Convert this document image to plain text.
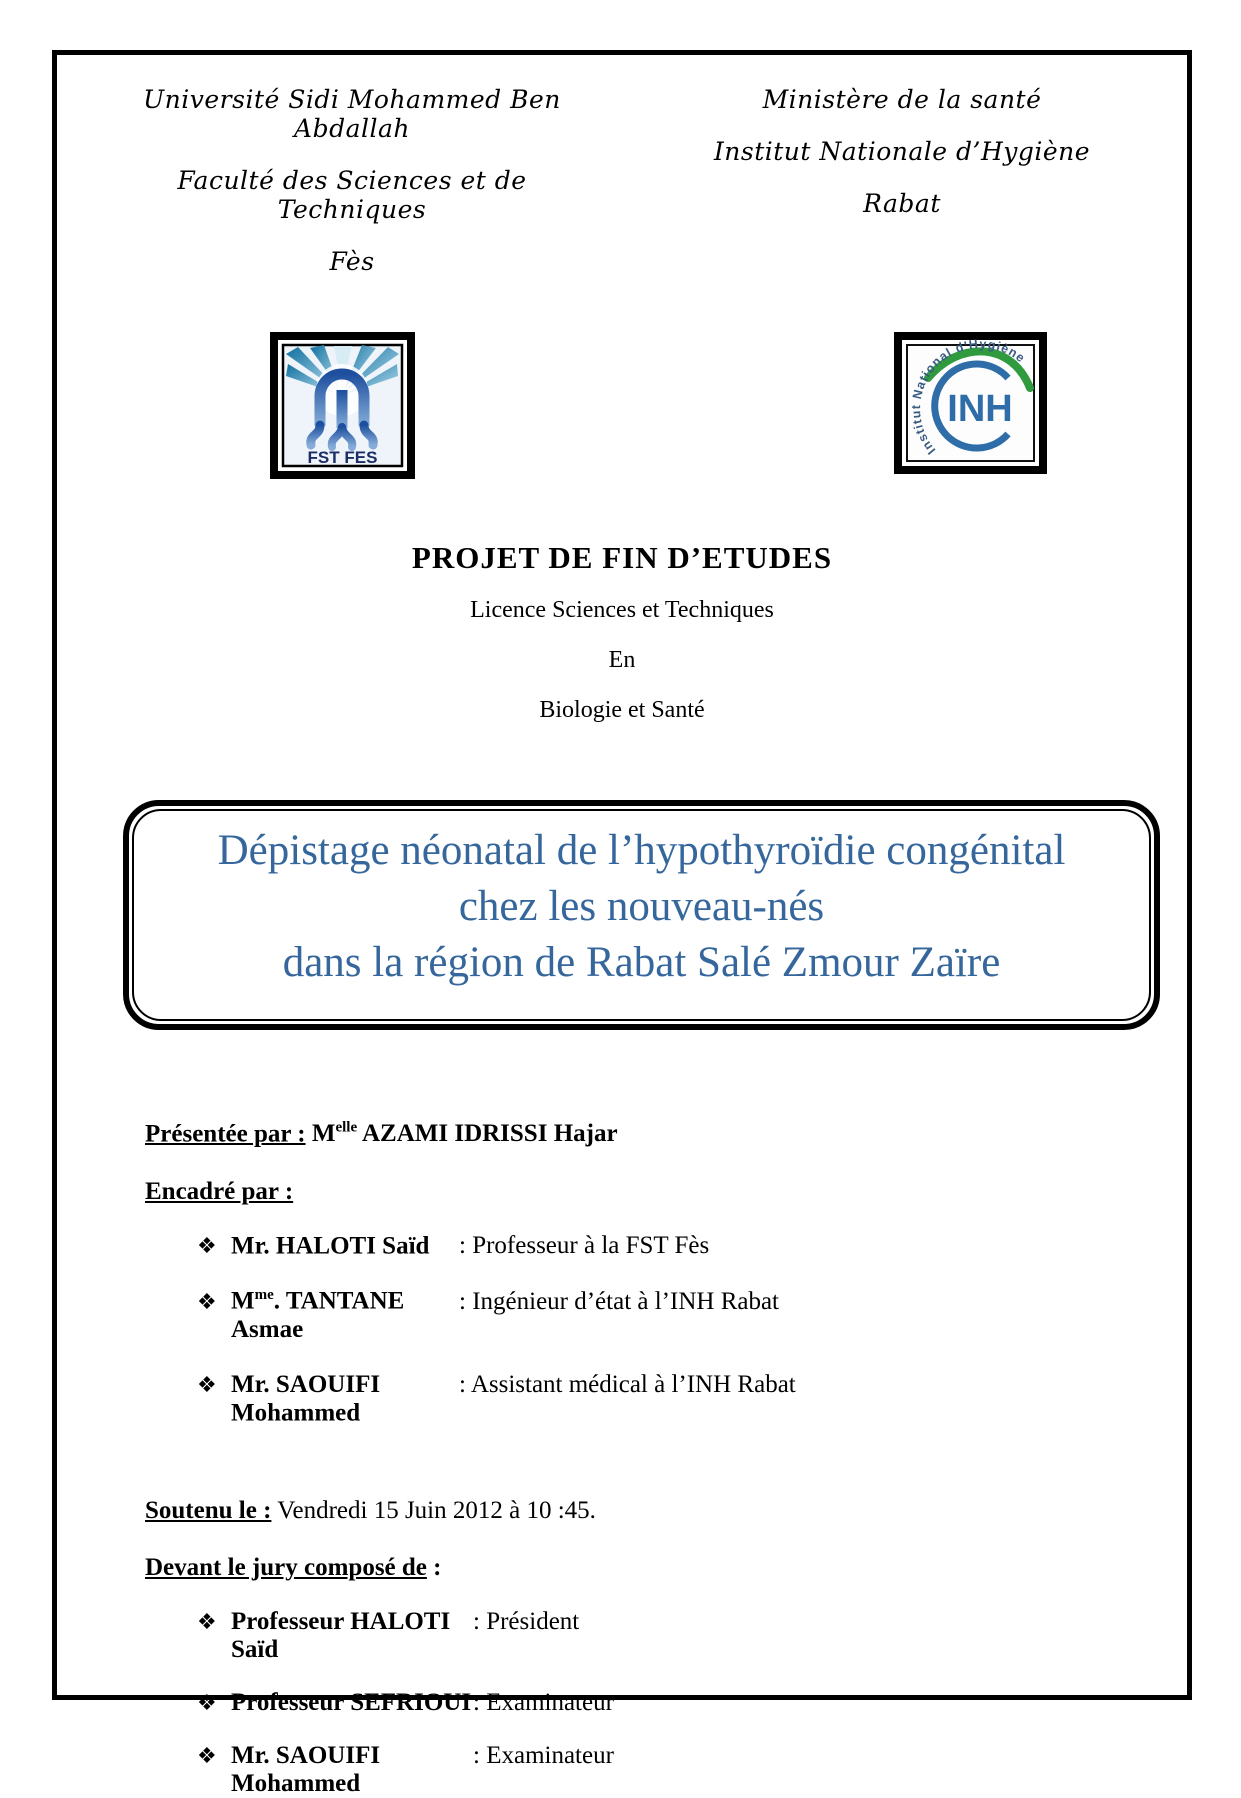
Université Sidi Mohammed Ben Abdallah
Faculté des Sciences et de Techniques
Fès
Ministère de la santé
Institut Nationale d’Hygiène
Rabat
FST FES	Institut National d'Hygiène
INH
PROJET DE FIN D’ETUDES
Licence Sciences et Techniques
En
Biologie et Santé
Dépistage néonatal de l’hypothyroïdie congénital
chez les nouveau-nés
dans la région de Rabat Salé Zmour Zaïre

Présentée par : $M^{elle}$ AZAMI IDRISSI Hajar

Encadré par :

❖ Mr. HALOTI Saïd	: Professeur à la FST Fès
❖ $M^{me}$. TANTANE Asmae
: Ingénieur d’état à l’INH Rabat
❖ Mr. SAOUIFI Mohammed
: Assistant médical à l’INH Rabat

Soutenu le : Vendredi 15 Juin 2012 à 10 :45.

Devant le jury composé de :

❖ Professeur HALOTI Saïd
: Président
❖ Professeur SEFRIOUI : Examinateur
❖ Mr. SAOUIFI Mohammed
: Examinateur
